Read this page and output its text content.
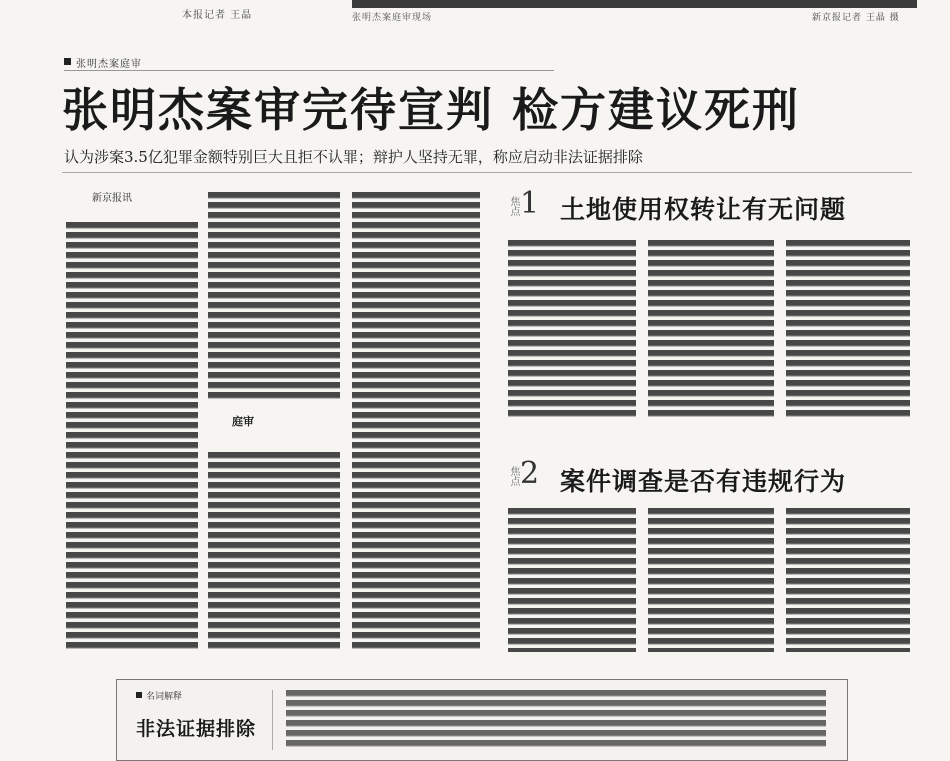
本报记者 王晶	张明杰案庭审现场	新京报记者 王晶 摄
张明杰案庭审
张明杰案审完待宣判 检方建议死刑
认为涉案3.5亿犯罪金额特别巨大且拒不认罪；辩护人坚持无罪，称应启动非法证据排除
新京报讯
庭审
焦点 1 土地使用权转让有无问题
焦点 2 案件调查是否有违规行为
名词解释
非法证据排除
